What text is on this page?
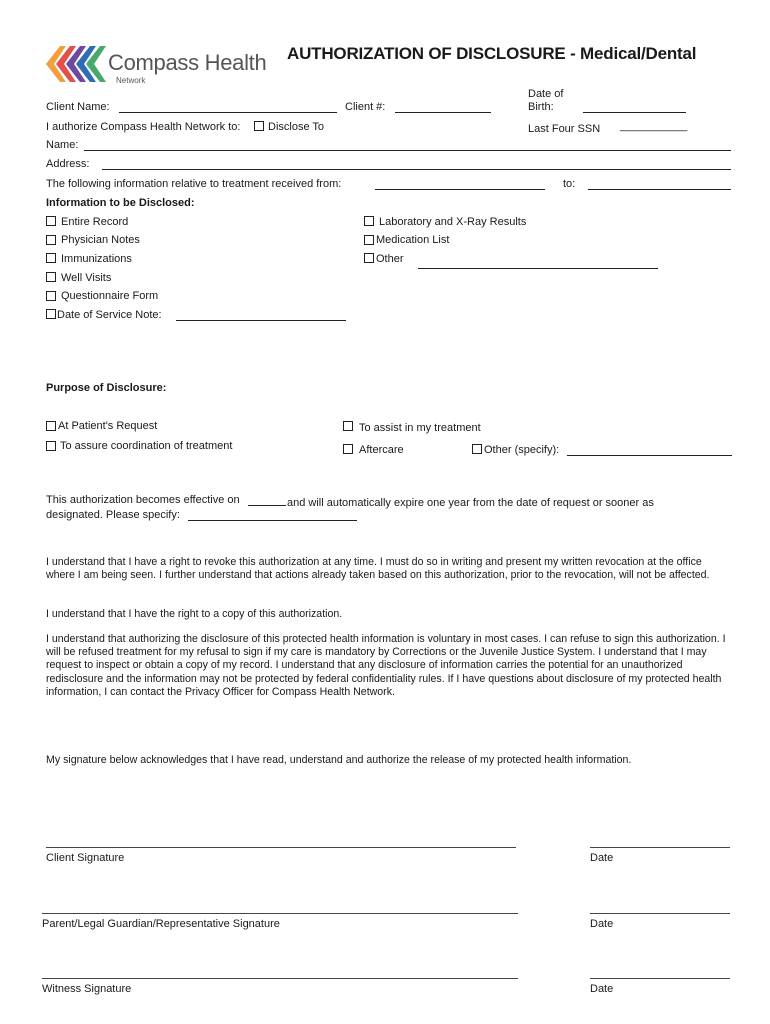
Compass Health
Network
AUTHORIZATION OF DISCLOSURE - Medical/Dental
Client Name:	Client #:
Date of
Birth:
I authorize Compass Health Network to:	Disclose To	Last Four SSN ___________
Name:
Address:
The following information relative to treatment received from:	to:
Information to be Disclosed:
Entire Record
Physician Notes
Immunizations
Well Visits
Questionnaire Form
Date of Service Note:
Laboratory and X-Ray Results
Medication List
Other
Purpose of Disclosure:
At Patient's Request
To assure coordination of treatment
To assist in my treatment
Aftercare	Other (specify):
This authorization becomes effective on	and will automatically expire one year from the date of request or sooner as
designated. Please specify:
I understand that I have a right to revoke this authorization at any time. I must do so in writing and present my written revocation at the office where I am being seen. I further understand that actions already taken based on this authorization, prior to the revocation, will not be affected.
I understand that I have the right to a copy of this authorization.
I understand that authorizing the disclosure of this protected health information is voluntary in most cases. I can refuse to sign this authorization. I will be refused treatment for my refusal to sign if my care is mandatory by Corrections or the Juvenile Justice System. I understand that I may request to inspect or obtain a copy of my record. I understand that any disclosure of information carries the potential for an unauthorized redisclosure and the information may not be protected by federal confidentiality rules. If I have questions about disclosure of my protected health information, I can contact the Privacy Officer for Compass Health Network.
My signature below acknowledges that I have read, understand and authorize the release of my protected health information.
Client Signature	Date
Parent/Legal Guardian/Representative Signature	Date
Witness Signature	Date
